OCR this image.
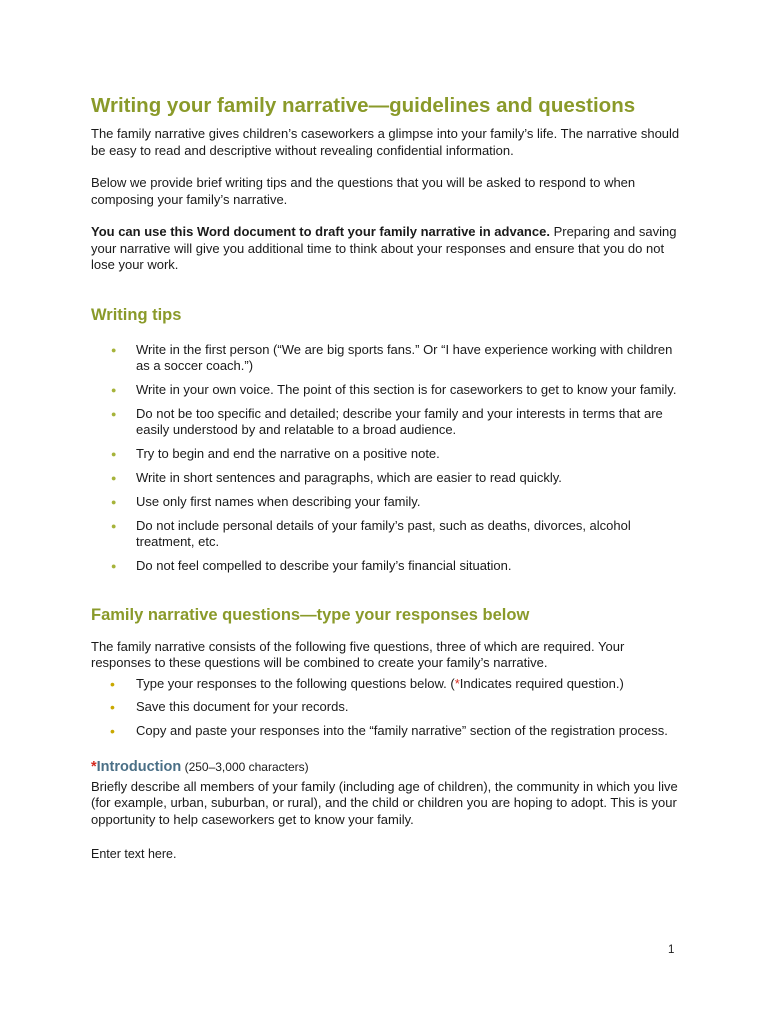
Writing your family narrative—guidelines and questions

The family narrative gives children’s caseworkers a glimpse into your family’s life. The narrative should be easy to read and descriptive without revealing confidential information.

Below we provide brief writing tips and the questions that you will be asked to respond to when composing your family’s narrative.

You can use this Word document to draft your family narrative in advance. Preparing and saving your narrative will give you additional time to think about your responses and ensure that you do not lose your work.

Writing tips
● Write in the first person (“We are big sports fans.” Or “I have experience working with children as a soccer coach.”)
● Write in your own voice. The point of this section is for caseworkers to get to know your family.
● Do not be too specific and detailed; describe your family and your interests in terms that are easily understood by and relatable to a broad audience.
● Try to begin and end the narrative on a positive note.
● Write in short sentences and paragraphs, which are easier to read quickly.
● Use only first names when describing your family.
● Do not include personal details of your family’s past, such as deaths, divorces, alcohol treatment, etc.
● Do not feel compelled to describe your family’s financial situation.
Family narrative questions—type your responses below

The family narrative consists of the following five questions, three of which are required. Your responses to these questions will be combined to create your family’s narrative.

• Type your responses to the following questions below. (*Indicates required question.)
• Save this document for your records.
• Copy and paste your responses into the “family narrative” section of the registration process.
*Introduction (250–3,000 characters)

Briefly describe all members of your family (including age of children), the community in which you live (for example, urban, suburban, or rural), and the child or children you are hoping to adopt. This is your opportunity to help caseworkers get to know your family.

Enter text here.
1
